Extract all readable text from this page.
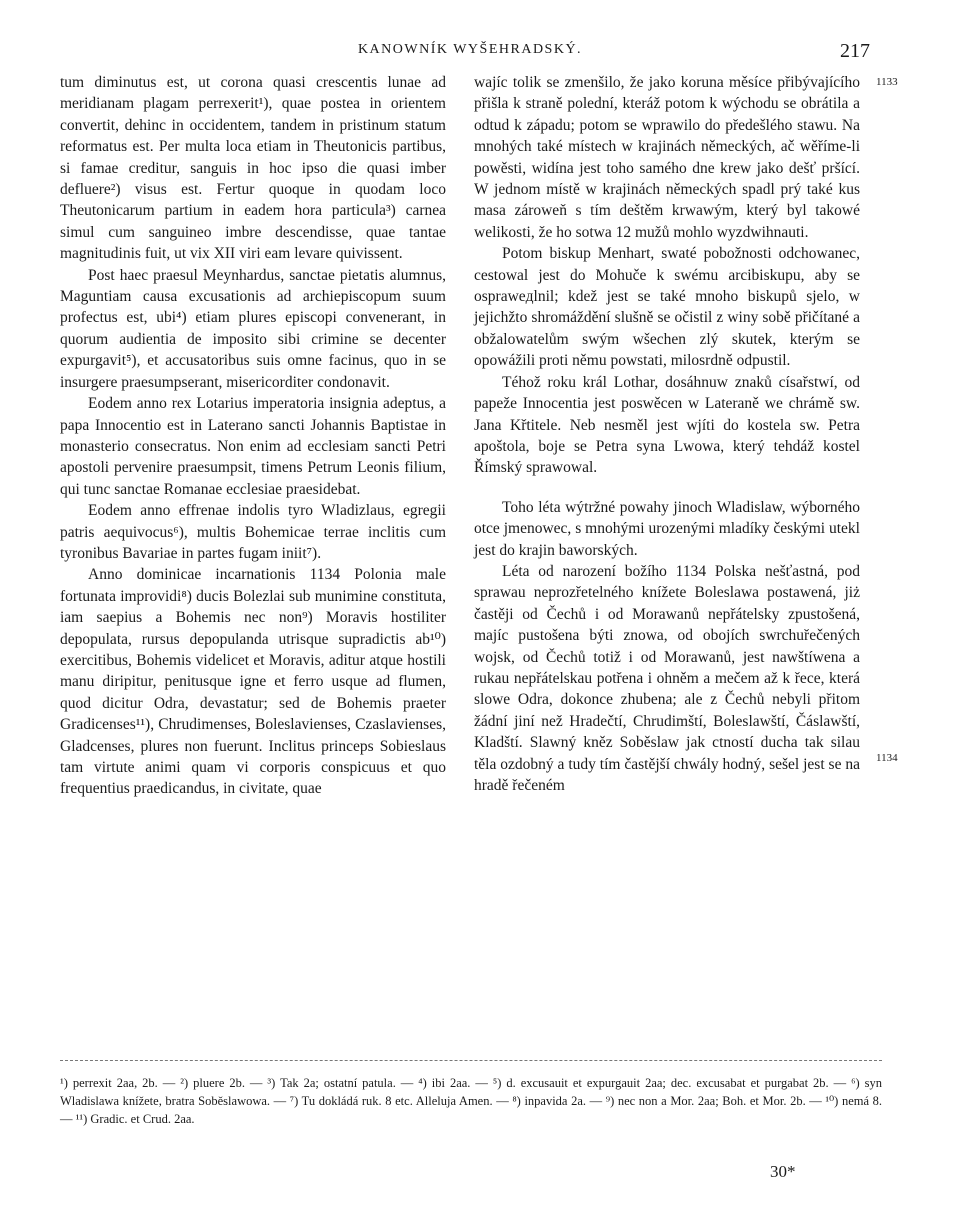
KANOWNÍK WYŠEHRADSKÝ.	217

tum diminutus est, ut corona quasi crescentis lunae ad meridianam plagam perrexerit¹), quae postea in orientem convertit, dehinc in occidentem, tandem in pristinum statum reformatus est. Per multa loca etiam in Theutonicis partibus, si famae creditur, sanguis in hoc ipso die quasi imber defluere²) visus est. Fertur quoque in quodam loco Theutonicarum partium in eadem hora particula³) carnea simul cum sanguineo imbre descendisse, quae tantae magnitudinis fuit, ut vix XII viri eam levare quivissent.

Post haec praesul Meynhardus, sanctae pietatis alumnus, Maguntiam causa excusationis ad archiepiscopum suum profectus est, ubi⁴) etiam plures episcopi convenerant, in quorum audientia de imposito sibi crimine se decenter expurgavit⁵), et accusatoribus suis omne facinus, quo in se insurgere praesumpserant, misericorditer condonavit.

Eodem anno rex Lotarius imperatoria insignia adeptus, a papa Innocentio est in Laterano sancti Johannis Baptistae in monasterio consecratus. Non enim ad ecclesiam sancti Petri apostoli pervenire praesumpsit, timens Petrum Leonis filium, qui tunc sanctae Romanae ecclesiae praesidebat.

Eodem anno effrenae indolis tyro Wladizlaus, egregii patris aequivocus⁶), multis Bohemicae terrae inclitis cum tyronibus Bavariae in partes fugam iniit⁷).

Anno dominicae incarnationis 1134 Polonia male fortunata improvidi⁸) ducis Bolezlai sub munimine constituta, iam saepius a Bohemis nec non⁹) Moravis hostiliter depopulata, rursus depopulanda utrisque supradictis ab¹⁰) exercitibus, Bohemis videlicet et Moravis, aditur atque hostili manu diripitur, penitusque igne et ferro usque ad flumen, quod dicitur Odra, devastatur; sed de Bohemis praeter Gradicenses¹¹), Chrudimenses, Boleslavienses, Czaslavienses, Gladcenses, plures non fuerunt. Inclitus princeps Sobieslaus tam virtute animi quam vi corporis conspicuus et quo frequentius praedicandus, in civitate, quae

wajíc tolik se zmenšilo, že jako koruna měsíce přibývajícího přišla k straně polední, kteráž potom k wýchodu se obrátila a odtud k západu; potom se wprawilo do předešlého stawu. Na mnohých také místech w krajinách německých, ač wěříme-li powěsti, widína jest toho samého dne krew jako dešť pršící. W jednom místě w krajinách německých spadl prý také kus masa zároweň s tím deštěm krwawým, který byl takowé welikosti, že ho sotwa 12 mužů mohlo wyzdwihnauti.

Potom biskup Menhart, swaté pobožnosti odchowanec, cestowal jest do Mohuče k swému arcibiskupu, aby se ospraweдlnil; kdež jest se také mnoho biskupů sjelo, w jejichžto shromáždění slušně se očistil z winy sobě přičítané a obžalowatelům swým wšechen zlý skutek, kterým se opowážili proti němu powstati, milosrdně odpustil.

Téhož roku král Lothar, dosáhnuw znaků císařstwí, od papeže Innocentia jest poswěcen w Lateraně we chrámě sw. Jana Křtitele. Neb nesměl jest wjíti do kostela sw. Petra apoštola, boje se Petra syna Lwowa, který tehdáž kostel Římský sprawowal.

Toho léta wýtržné powahy jinoch Wladislaw, wýborného otce jmenowec, s mnohými urozenými mladíky českými utekl jest do krajin baworských.

Léta od narození božího 1134 Polska nešťastná, pod sprawau neprozřetelného knížete Boleslawa postawená, jiż častěji od Čechů i od Morawanů nepřátelsky zpustošená, majíc pustošena býti znowa, od obojích swrchuřečených wojsk, od Čechů totiž i od Morawanů, jest nawštíwena a rukau nepřátelskau potřena i ohněm a mečem až k řece, která slowe Odra, dokonce zhubena; ale z Čechů nebyli přitom žádní jiní než Hradečtí, Chrudimští, Boleslawští, Čáslawští, Kladští. Slawný kněz Soběslaw jak ctností ducha tak silau těla ozdobný a tudy tím častější chwály hodný, sešel jest se na hradě řečeném

1133
1134
¹) perrexit 2aa, 2b. — ²) pluere 2b. — ³) Tak 2a; ostatní patula. — ⁴) ibi 2aa. — ⁵) d. excusauit et expurgauit 2aa; dec. excusabat et purgabat 2b. — ⁶) syn Wladislawa knížete, bratra Soběslawowa. — ⁷) Tu dokládá ruk. 8 etc. Alleluja Amen. — ⁸) inpavida 2a. — ⁹) nec non a Mor. 2aa; Boh. et Mor. 2b. — ¹⁰) nemá 8. — ¹¹) Gradic. et Crud. 2aa.
30*
